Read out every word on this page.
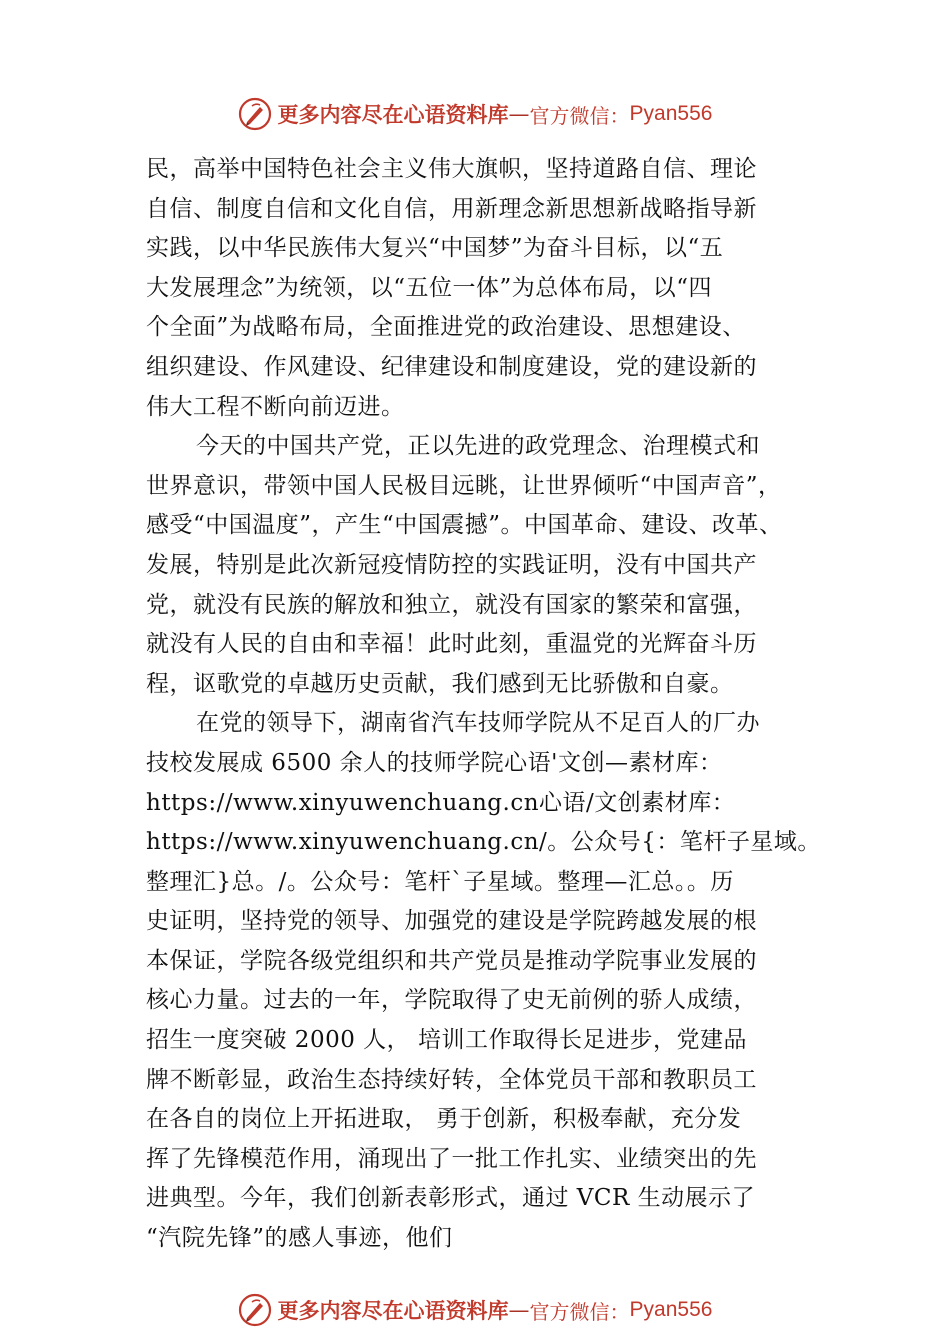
更多内容尽在心语资料库 — 官方微信： Pyan556
民，高举中国特色社会主义伟大旗帜，坚持道路自信、理论
自信、制度自信和文化自信，用新理念新思想新战略指导新
实践，以中华民族伟大复兴“中国梦”为奋斗目标，以“五
大发展理念”为统领，以“五位一体”为总体布局，以“四
个全面”为战略布局，全面推进党的政治建设、思想建设、
组织建设、作风建设、纪律建设和制度建设，党的建设新的
伟大工程不断向前迈进。
今天的中国共产党，正以先进的政党理念、治理模式和
世界意识，带领中国人民极目远眺，让世界倾听“中国声音”，
感受“中国温度”，产生“中国震撼”。中国革命、建设、改革、
发展，特别是此次新冠疫情防控的实践证明，没有中国共产
党，就没有民族的解放和独立，就没有国家的繁荣和富强，
就没有人民的自由和幸福！此时此刻，重温党的光辉奋斗历
程，讴歌党的卓越历史贡献，我们感到无比骄傲和自豪。
在党的领导下，湖南省汽车技师学院从不足百人的厂办
技校发展成 6500 余人的技师学院心语'文创—素材库：
https://www.xinyuwenchuang.cn心语/文创素材库：
https://www.xinyuwenchuang.cn/。公众号{：笔杆子星域。
整理汇}总。/。公众号：笔杆`子星域。整理—汇总。。历
史证明，坚持党的领导、加强党的建设是学院跨越发展的根
本保证，学院各级党组织和共产党员是推动学院事业发展的
核心力量。过去的一年，学院取得了史无前例的骄人成绩，
招生一度突破 2000 人， 培训工作取得长足进步，党建品
牌不断彰显，政治生态持续好转，全体党员干部和教职员工
在各自的岗位上开拓进取， 勇于创新，积极奉献，充分发
挥了先锋模范作用，涌现出了一批工作扎实、业绩突出的先
进典型。今年，我们创新表彰形式，通过 VCR 生动展示了
“汽院先锋”的感人事迹，他们
更多内容尽在心语资料库 — 官方微信： Pyan556
